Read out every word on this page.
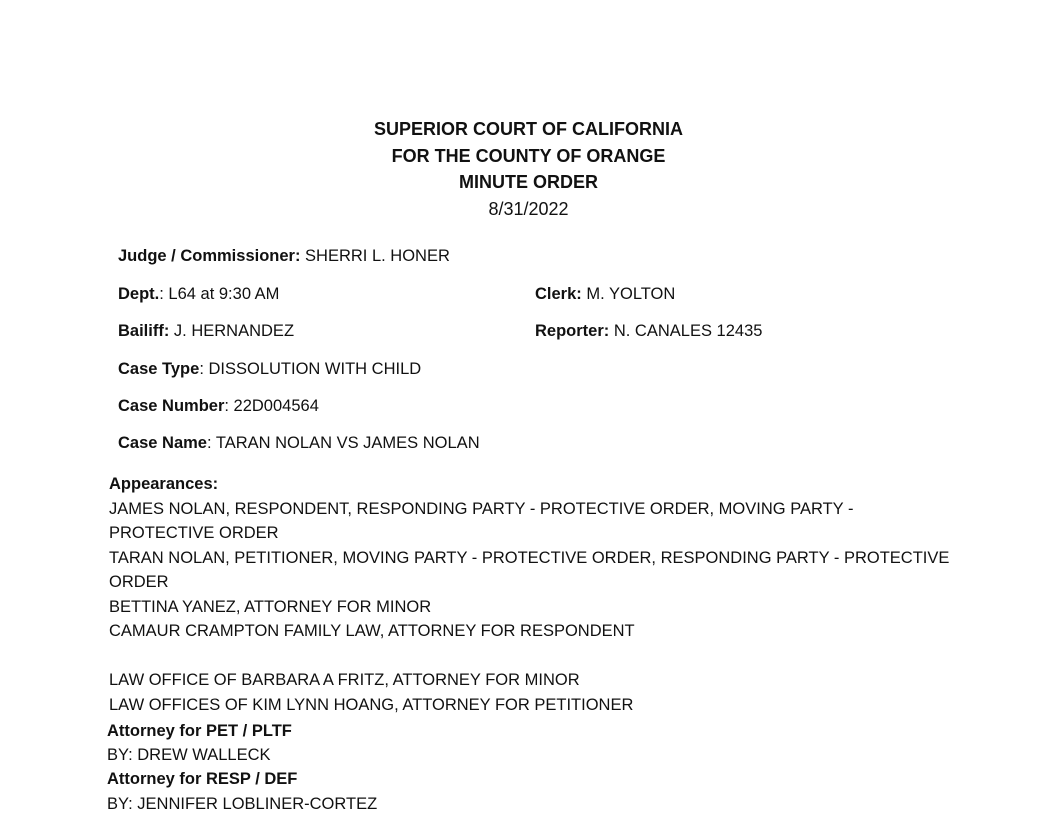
SUPERIOR COURT OF CALIFORNIA
FOR THE COUNTY OF ORANGE
MINUTE ORDER
8/31/2022
Judge / Commissioner: SHERRI L. HONER
Dept.: L64 at 9:30 AM	Clerk: M. YOLTON
Bailiff: J. HERNANDEZ	Reporter: N. CANALES 12435
Case Type: DISSOLUTION WITH CHILD
Case Number: 22D004564
Case Name: TARAN NOLAN VS JAMES NOLAN
Appearances:
JAMES NOLAN, RESPONDENT, RESPONDING PARTY - PROTECTIVE ORDER, MOVING PARTY -
PROTECTIVE ORDER
TARAN NOLAN, PETITIONER, MOVING PARTY - PROTECTIVE ORDER, RESPONDING PARTY - PROTECTIVE
ORDER
BETTINA YANEZ, ATTORNEY FOR MINOR
CAMAUR CRAMPTON FAMILY LAW, ATTORNEY FOR RESPONDENT
LAW OFFICE OF BARBARA A FRITZ, ATTORNEY FOR MINOR
LAW OFFICES OF KIM LYNN HOANG, ATTORNEY FOR PETITIONER
Attorney for PET / PLTF
BY: DREW WALLECK
Attorney for RESP / DEF
BY: JENNIFER LOBLINER-CORTEZ
